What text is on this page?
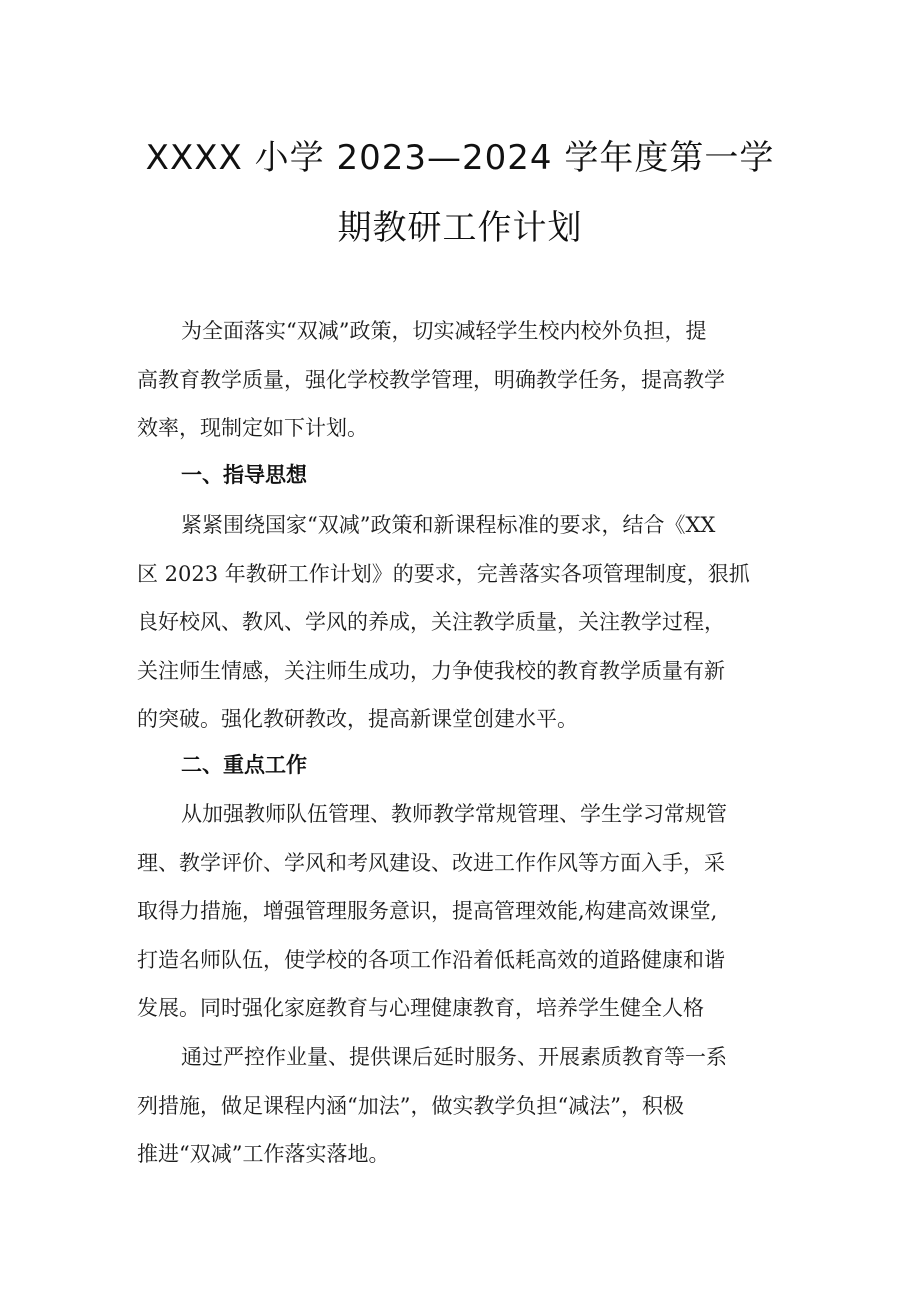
XXXX 小学 2023—2024 学年度第一学
期教研工作计划
为全面落实“双减”政策，切实减轻学生校内校外负担，提
高教育教学质量，强化学校教学管理，明确教学任务，提高教学
效率，现制定如下计划。
一、指导思想
紧紧围绕国家“双减”政策和新课程标准的要求，结合《XX
区 2023 年教研工作计划》的要求，完善落实各项管理制度，狠抓
良好校风、教风、学风的养成，关注教学质量，关注教学过程，
关注师生情感，关注师生成功，力争使我校的教育教学质量有新
的突破。强化教研教改，提高新课堂创建水平。
二、重点工作
从加强教师队伍管理、教师教学常规管理、学生学习常规管
理、教学评价、学风和考风建设、改进工作作风等方面入手，采
取得力措施，增强管理服务意识，提高管理效能,构建高效课堂,
打造名师队伍，使学校的各项工作沿着低耗高效的道路健康和谐
发展。同时强化家庭教育与心理健康教育，培养学生健全人格
通过严控作业量、提供课后延时服务、开展素质教育等一系
列措施，做足课程内涵“加法”，做实教学负担“减法”，积极
推进“双减”工作落实落地。
